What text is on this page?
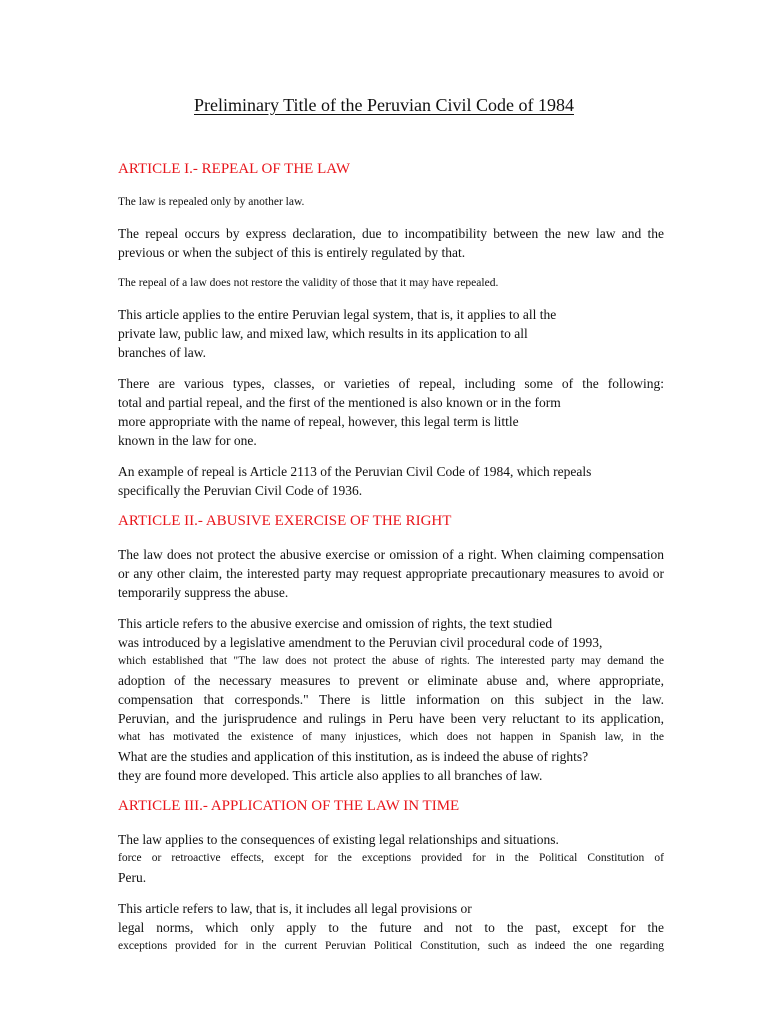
Preliminary Title of the Peruvian Civil Code of 1984
ARTICLE I.- REPEAL OF THE LAW
The law is repealed only by another law.
The repeal occurs by express declaration, due to incompatibility between the new law and the
previous or when the subject of this is entirely regulated by that.
The repeal of a law does not restore the validity of those that it may have repealed.
This article applies to the entire Peruvian legal system, that is, it applies to all the
private law, public law, and mixed law, which results in its application to all
branches of law.
There are various types, classes, or varieties of repeal, including some of the following:
total and partial repeal, and the first of the mentioned is also known or in the form
more appropriate with the name of repeal, however, this legal term is little
known in the law for one.
An example of repeal is Article 2113 of the Peruvian Civil Code of 1984, which repeals
specifically the Peruvian Civil Code of 1936.
ARTICLE II.- ABUSIVE EXERCISE OF THE RIGHT
The law does not protect the abusive exercise or omission of a right. When claiming compensation
or any other claim, the interested party may request appropriate precautionary measures to avoid or
temporarily suppress the abuse.
This article refers to the abusive exercise and omission of rights, the text studied
was introduced by a legislative amendment to the Peruvian civil procedural code of 1993,
which established that "The law does not protect the abuse of rights. The interested party may demand the
adoption of the necessary measures to prevent or eliminate abuse and, where appropriate,
compensation that corresponds." There is little information on this subject in the law.
Peruvian, and the jurisprudence and rulings in Peru have been very reluctant to its application,
what has motivated the existence of many injustices, which does not happen in Spanish law, in the
What are the studies and application of this institution, as is indeed the abuse of rights?
they are found more developed. This article also applies to all branches of law.
ARTICLE III.- APPLICATION OF THE LAW IN TIME
The law applies to the consequences of existing legal relationships and situations.
force or retroactive effects, except for the exceptions provided for in the Political Constitution of
Peru.
This article refers to law, that is, it includes all legal provisions or
legal norms, which only apply to the future and not to the past, except for the
exceptions provided for in the current Peruvian Political Constitution, such as indeed the one regarding
